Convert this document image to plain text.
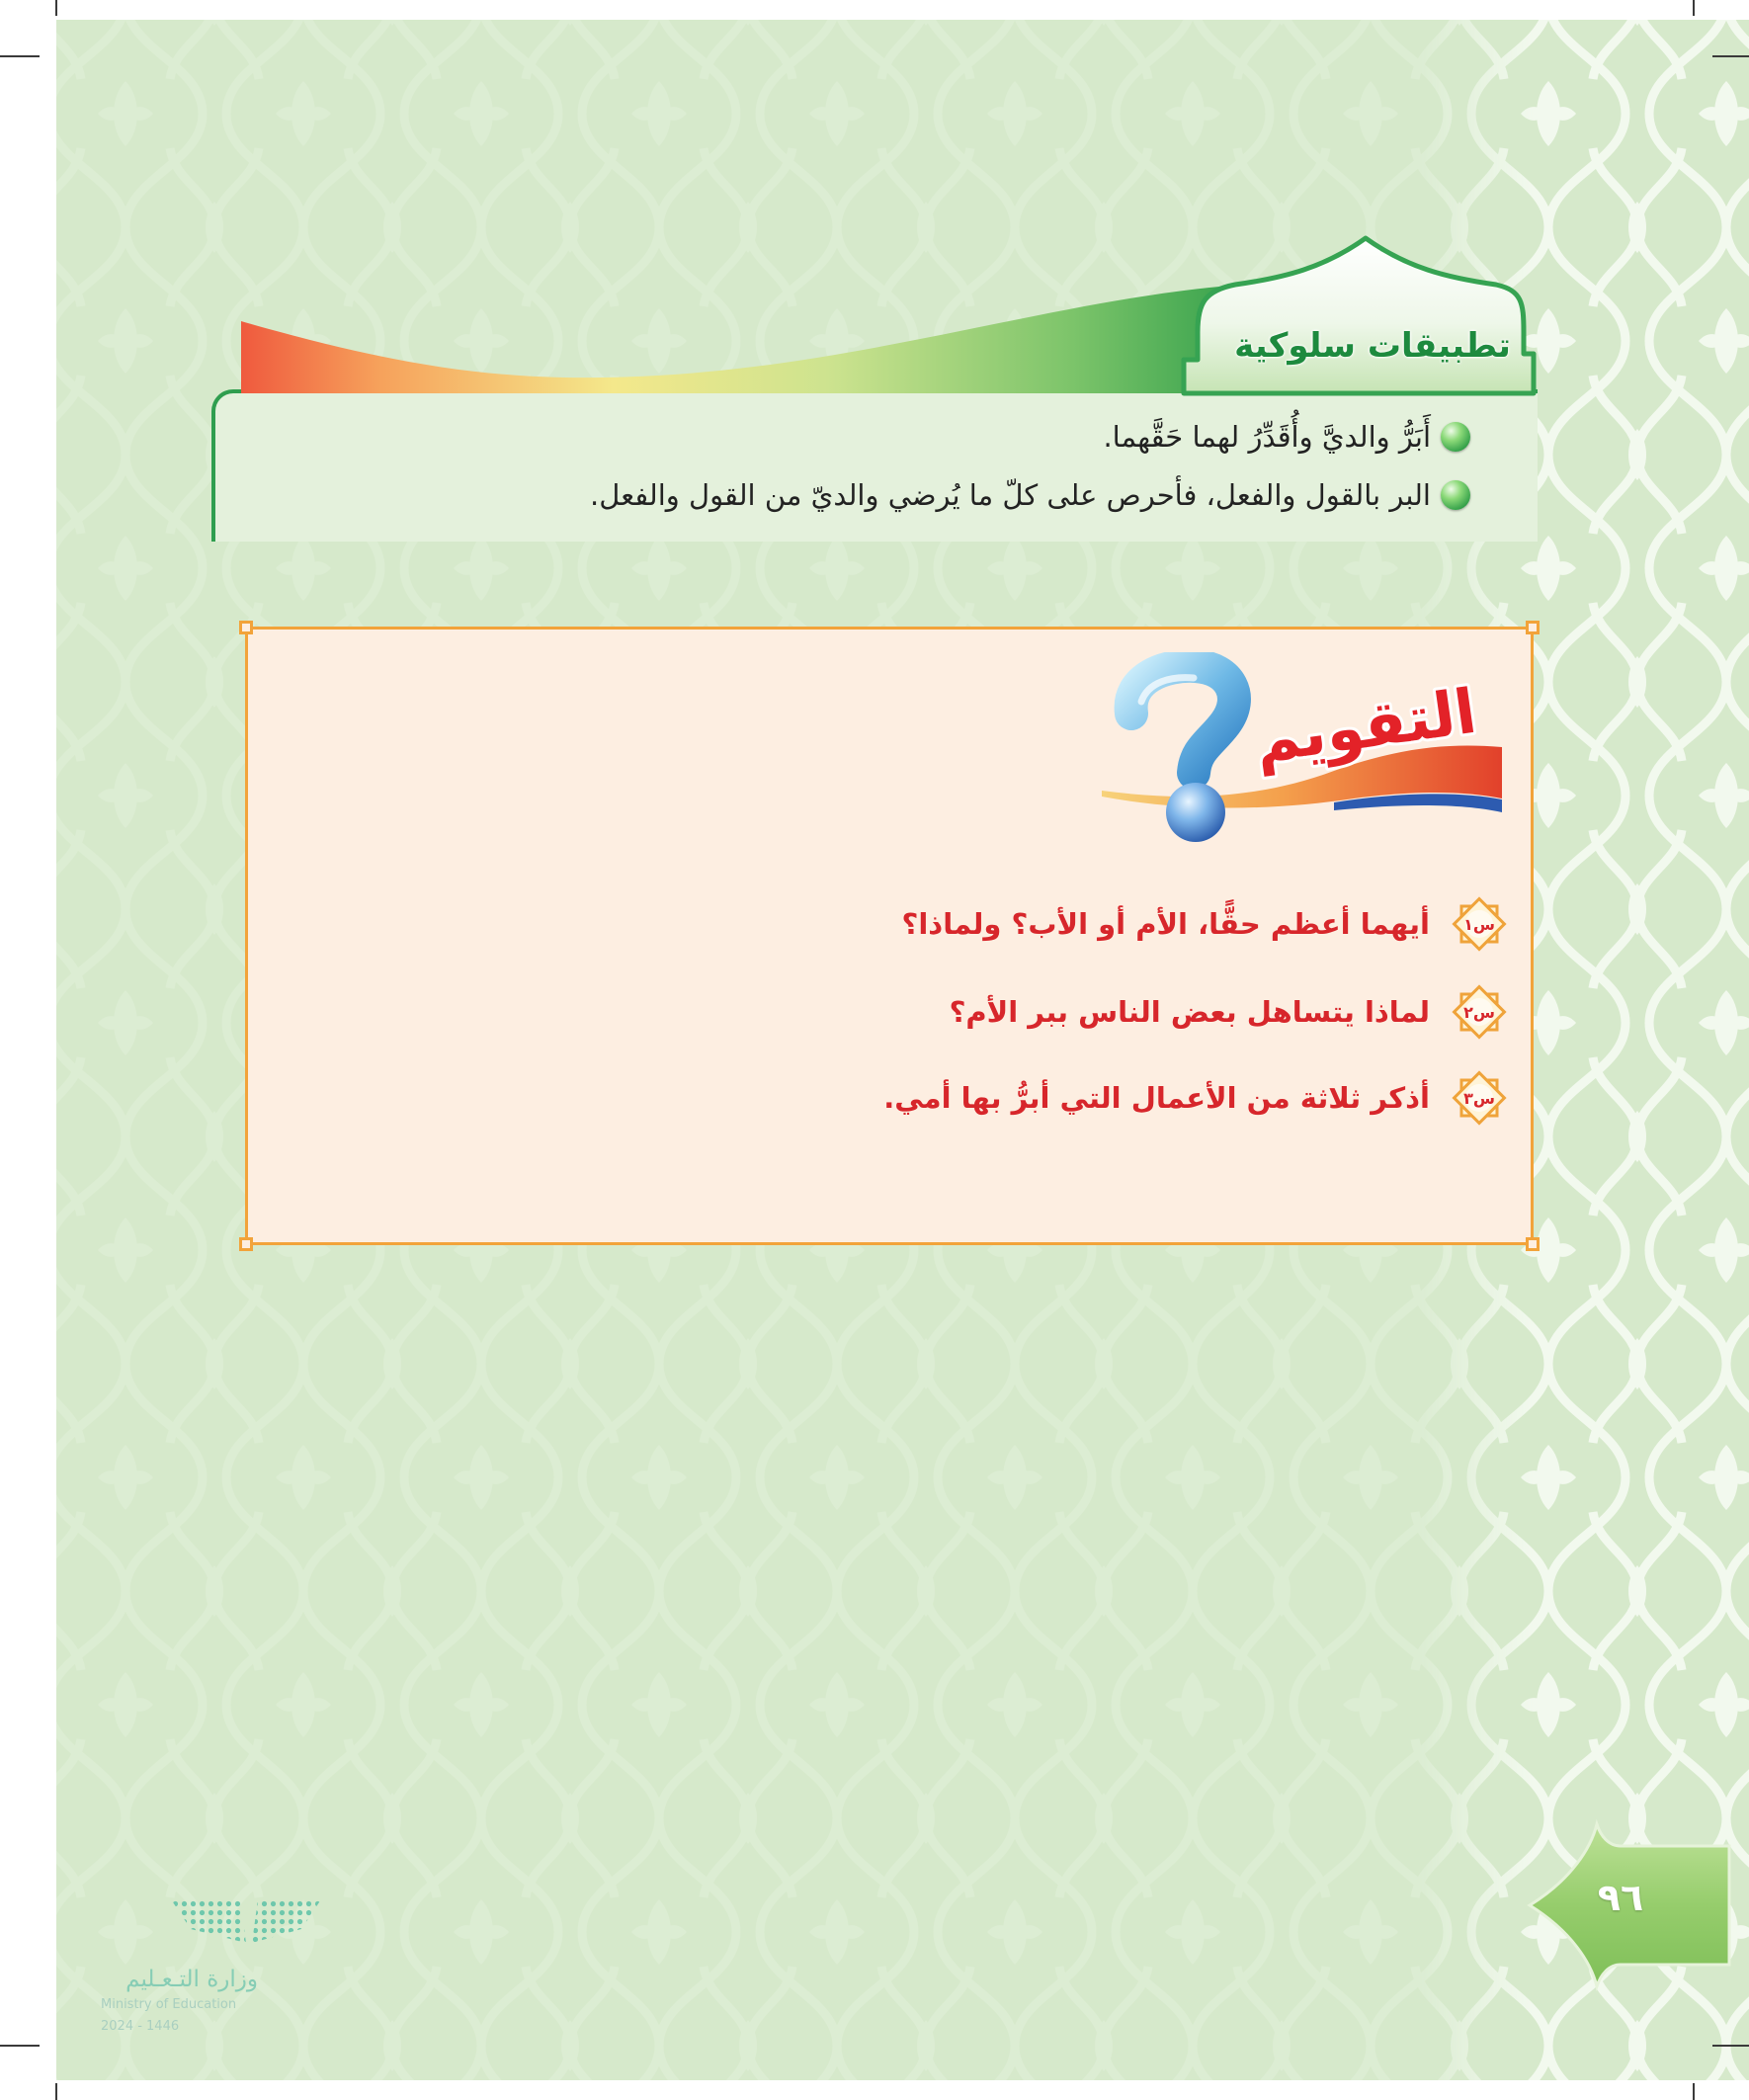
تطبيقات سلوكية
أَبَرُّ والديَّ وأُقَدِّرُ لهما حَقَّهما.
البر بالقول والفعل، فأحرص على كلّ ما يُرضي والديّ من القول والفعل.
التقويم
س١
أيهما أعظم حقًّا، الأم أو الأب؟ ولماذا؟
س٢
لماذا يتساهل بعض الناس ببر الأم؟
س٣
أذكر ثلاثة من الأعمال التي أبرُّ بها أمي.
٩٦
وزارة التـعـليم
Ministry of Education
2024 - 1446
